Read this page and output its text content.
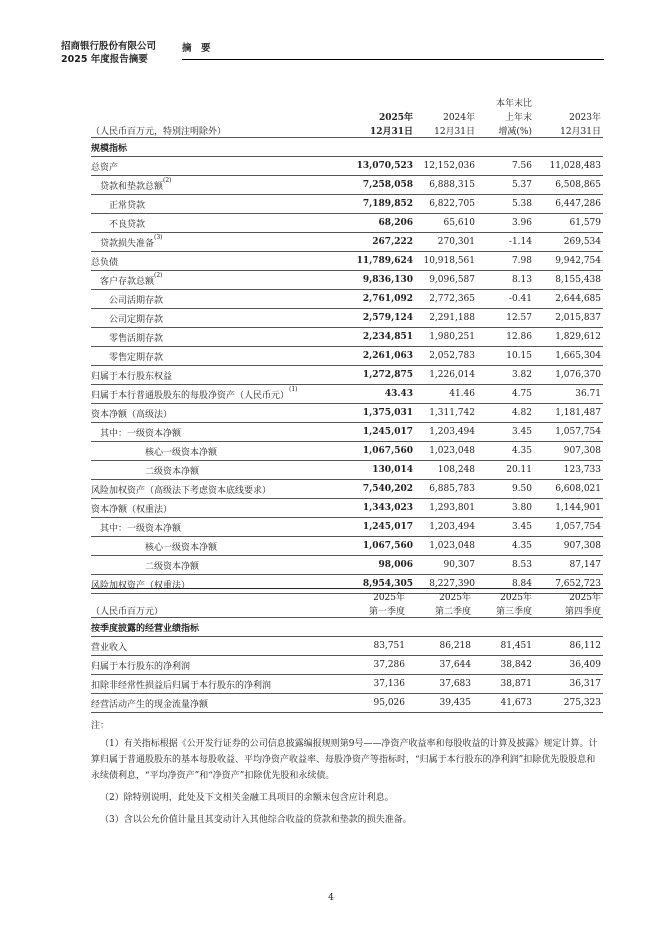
招商银行股份有限公司
2025 年度报告摘要
摘　要
			本年末比	
	2025年	2024年	上年末	2023年
（人民币百万元，特别注明除外）	12月31日	12月31日	增减(%)	12月31日
规模指标				
总资产	13,070,523	12,152,036	7.56	11,028,483
贷款和垫款总额$^{(2)}$	7,258,058	6,888,315	5.37	6,508,865
正常贷款	7,189,852	6,822,705	5.38	6,447,286
不良贷款	68,206	65,610	3.96	61,579
贷款损失准备$^{(3)}$	267,222	270,301	-1.14	269,534
总负债	11,789,624	10,918,561	7.98	9,942,754
客户存款总额$^{(2)}$	9,836,130	9,096,587	8.13	8,155,438
公司活期存款	2,761,092	2,772,365	-0.41	2,644,685
公司定期存款	2,579,124	2,291,188	12.57	2,015,837
零售活期存款	2,234,851	1,980,251	12.86	1,829,612
零售定期存款	2,261,063	2,052,783	10.15	1,665,304
归属于本行股东权益	1,272,875	1,226,014	3.82	1,076,370
归属于本行普通股股东的每股净资产（人民币元）$^{(1)}$	43.43	41.46	4.75	36.71
资本净额（高级法）	1,375,031	1,311,742	4.82	1,181,487
其中：一级资本净额	1,245,017	1,203,494	3.45	1,057,754
核心一级资本净额	1,067,560	1,023,048	4.35	907,308
二级资本净额	130,014	108,248	20.11	123,733
风险加权资产（高级法下考虑资本底线要求）	7,540,202	6,885,783	9.50	6,608,021
资本净额（权重法）	1,343,023	1,293,801	3.80	1,144,901
其中：一级资本净额	1,245,017	1,203,494	3.45	1,057,754
核心一级资本净额	1,067,560	1,023,048	4.35	907,308
二级资本净额	98,006	90,307	8.53	87,147
风险加权资产（权重法）	8,954,305	8,227,390	8.84	7,652,723
	2025年	2025年	2025年	2025年
（人民币百万元）	第一季度	第二季度	第三季度	第四季度
按季度披露的经营业绩指标				
营业收入	83,751	86,218	81,451	86,112
归属于本行股东的净利润	37,286	37,644	38,842	36,409
扣除非经常性损益后归属于本行股东的净利润	37,136	37,683	38,871	36,317
经营活动产生的现金流量净额	95,026	39,435	41,673	275,323
注：
（1）有关指标根据《公开发行证券的公司信息披露编报规则第9号——净资产收益率和每股收益的计算及披露》规定计算。计算归属于普通股股东的基本每股收益、平均净资产收益率、每股净资产等指标时，“归属于本行股东的净利润”扣除优先股股息和永续债利息，“平均净资产”和“净资产”扣除优先股和永续债。
（2）除特别说明，此处及下文相关金融工具项目的余额未包含应计利息。
（3）含以公允价值计量且其变动计入其他综合收益的贷款和垫款的损失准备。
4
